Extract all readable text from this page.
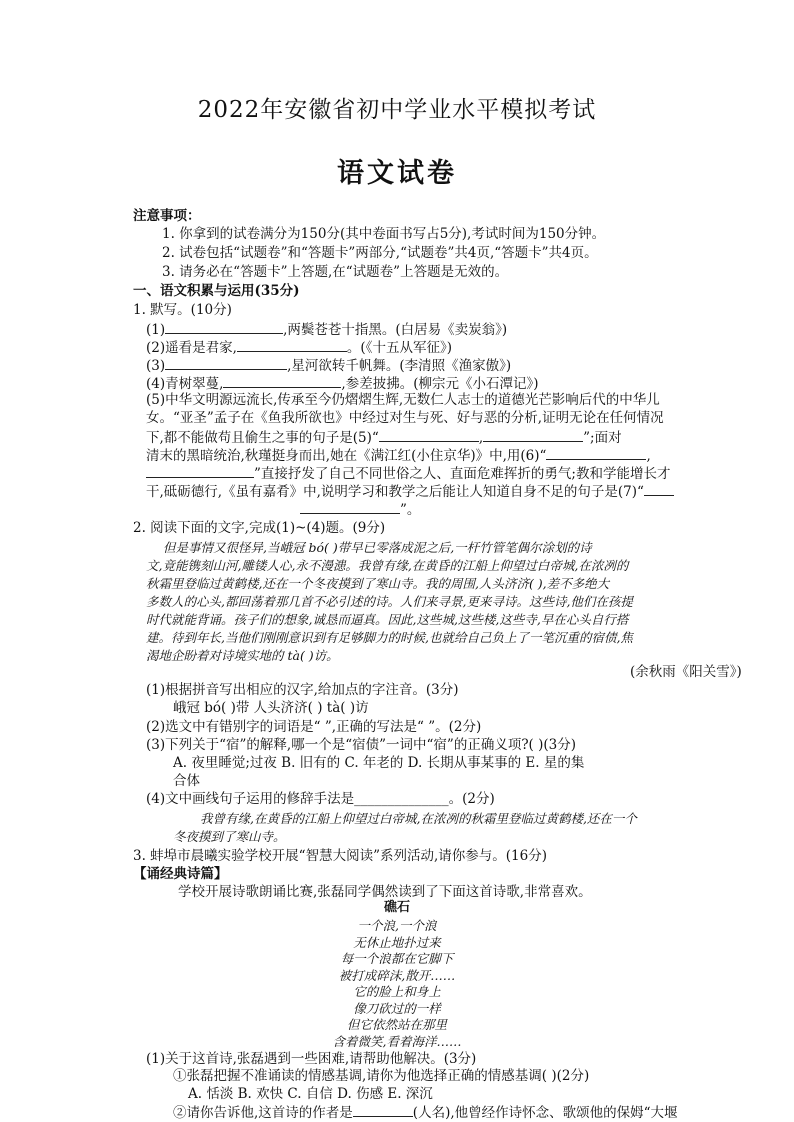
2022年安徽省初中学业水平模拟考试
语文试卷
注意事项：
1. 你拿到的试卷满分为150分(其中卷面书写占5分),考试时间为150分钟。
2. 试卷包括“试题卷”和“答题卡”两部分,“试题卷”共4页,“答题卡”共4页。
3. 请务必在“答题卡”上答题,在“试题卷”上答题是无效的。
一、语文积累与运用(35分)
1. 默写。(10分)
(1)	,两鬓苍苍十指黑。(白居易《卖炭翁》)
(2)遥看是君家,	。(《十五从军征》)
(3)	,星河欲转千帆舞。(李清照《渔家傲》)
(4)青树翠蔓,	,参差披拂。(柳宗元《小石潭记》)
(5)中华文明源远流长,传承至今仍熠熠生辉,无数仁人志士的道德光芒影响后代的中华儿
女。“亚圣”孟子在《鱼我所欲也》中经过对生与死、好与恶的分析,证明无论在任何情况
下,都不能做苟且偷生之事的句子是(5)“	,	”;面对
清末的黑暗统治,秋瑾挺身而出,她在《满江红(小住京华)》中,用(6)“	,
”直接抒发了自己不同世俗之人、直面危难挥折的勇气;教和学能增长才
干,砥砺德行,《虽有嘉肴》中,说明学习和教学之后能让人知道自身不足的句子是(7)“
”。
2. 阅读下面的文字,完成(1)~(4)题。(9分)
但是事情又很怪异,当峨冠 bó( )带早已零落成泥之后,一杆竹管笔偶尔涂划的诗
文,竟能镌刻山河,雕镂人心,永不漫漶。我曾有缘,在黄昏的江船上仰望过白帝城,在浓冽的
秋霜里登临过黄鹤楼,还在一个冬夜摸到了寒山寺。我的周围,人头济济( ),差不多绝大
多数人的心头,都回荡着那几首不必引述的诗。人们来寻景,更来寻诗。这些诗,他们在孩提
时代就能背诵。孩子们的想象,诚恳而逼真。因此,这些城,这些楼,这些寺,早在心头自行搭
建。待到年长,当他们刚刚意识到有足够脚力的时候,也就给自己负上了一笔沉重的宿债,焦
渴地企盼着对诗境实地的 tà( )访。
(余秋雨《阳关雪》)
(1)根据拼音写出相应的汉字,给加点的字注音。(3分)
峨冠 bó( )带 人头济济( ) tà( )访
(2)选文中有错别字的词语是“ ”,正确的写法是“ ”。(2分)
(3)下列关于“宿”的解释,哪一个是“宿债”一词中“宿”的正确义项?( )(3分)
A. 夜里睡觉;过夜 B. 旧有的 C. 年老的 D. 长期从事某事的 E. 星的集
合体
(4)文中画线句子运用的修辞手法是______________。(2分)
我曾有缘,在黄昏的江船上仰望过白帝城,在浓冽的秋霜里登临过黄鹤楼,还在一个
冬夜摸到了寒山寺。
3. 蚌埠市晨曦实验学校开展“智慧大阅读”系列活动,请你参与。(16分)
【诵经典诗篇】
学校开展诗歌朗诵比赛,张磊同学偶然读到了下面这首诗歌,非常喜欢。
礁石
一个浪,一个浪
无休止地扑过来
每一个浪都在它脚下
被打成碎沫,散开……
它的脸上和身上
像刀砍过的一样
但它依然站在那里
含着微笑,看着海洋……
(1)关于这首诗,张磊遇到一些困难,请帮助他解决。(3分)
①张磊把握不准诵读的情感基调,请你为他选择正确的情感基调( )(2分)
A. 恬淡 B. 欢快 C. 自信 D. 伤感 E. 深沉
②请你告诉他,这首诗的作者是	(人名),他曾经作诗怀念、歌颂他的保姆“大堰
